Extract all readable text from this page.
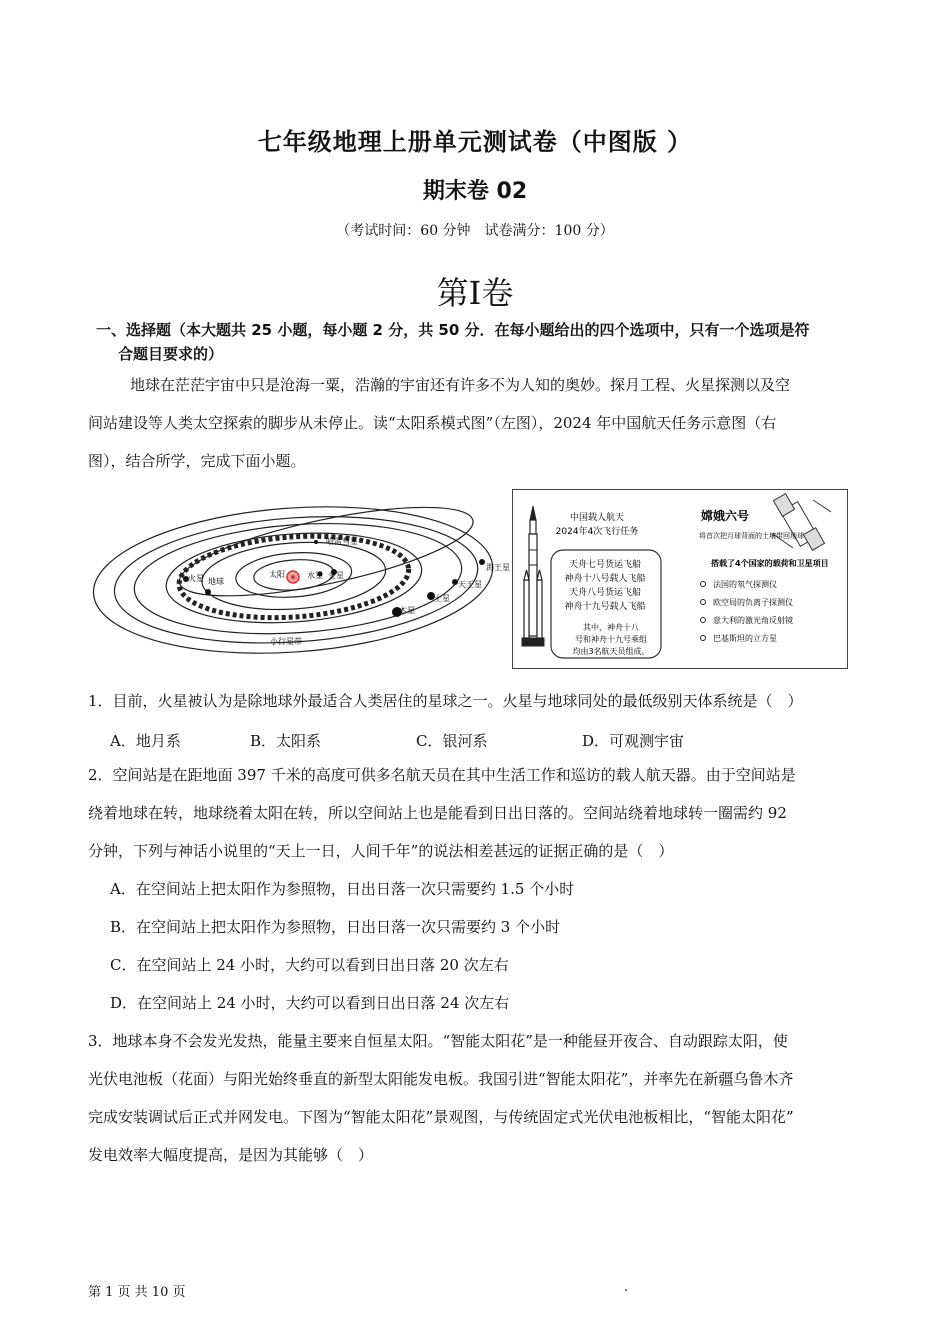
七年级地理上册单元测试卷（中图版 ）
期末卷 02
（考试时间：60 分钟　试卷满分：100 分）
第I卷
一、选择题（本大题共 25 小题，每小题 2 分，共 50 分．在每小题给出的四个选项中，只有一个选项是符
合题目要求的）
地球在茫茫宇宙中只是沧海一粟，浩瀚的宇宙还有许多不为人知的奥妙。探月工程、火星探测以及空
间站建设等人类太空探索的脚步从未停止。读“太阳系模式图”（左图），2024 年中国航天任务示意图（右
图），结合所学，完成下面小题。
太阳	水星 金星
地球
火星
哈雷彗星
土星
木星
天王星
海王星
小行星带
中国载人航天
2024年4次飞行任务
天舟七号货运飞船
神舟十八号载人飞船
天舟八号货运飞船
神舟十九号载人飞船
其中，神舟十八
号和神舟十九号乘组
均由3名航天员组成。
嫦娥六号
将首次把月球背面的土壤带回地球
搭载了4个国家的载荷和卫星项目
法国的氡气探测仪
欧空局的负离子探测仪
意大利的激光角反射镜
巴基斯坦的立方星
1．目前，火星被认为是除地球外最适合人类居住的星球之一。火星与地球同处的最低级别天体系统是（　）
A．地月系	B．太阳系	C．银河系	D．可观测宇宙
2．空间站是在距地面 397 千米的高度可供多名航天员在其中生活工作和巡访的载人航天器。由于空间站是
绕着地球在转，地球绕着太阳在转，所以空间站上也是能看到日出日落的。空间站绕着地球转一圈需约 92
分钟，下列与神话小说里的“天上一日，人间千年”的说法相差甚远的证据正确的是（　）
A．在空间站上把太阳作为参照物，日出日落一次只需要约 1.5 个小时
B．在空间站上把太阳作为参照物，日出日落一次只需要约 3 个小时
C．在空间站上 24 小时，大约可以看到日出日落 20 次左右
D．在空间站上 24 小时，大约可以看到日出日落 24 次左右
3．地球本身不会发光发热，能量主要来自恒星太阳。“智能太阳花”是一种能昼开夜合、自动跟踪太阳，使
光伏电池板（花面）与阳光始终垂直的新型太阳能发电板。我国引进“智能太阳花”，并率先在新疆乌鲁木齐
完成安装调试后正式并网发电。下图为“智能太阳花”景观图，与传统固定式光伏电池板相比，“智能太阳花”
发电效率大幅度提高，是因为其能够（　）
第 1 页 共 10 页	.
